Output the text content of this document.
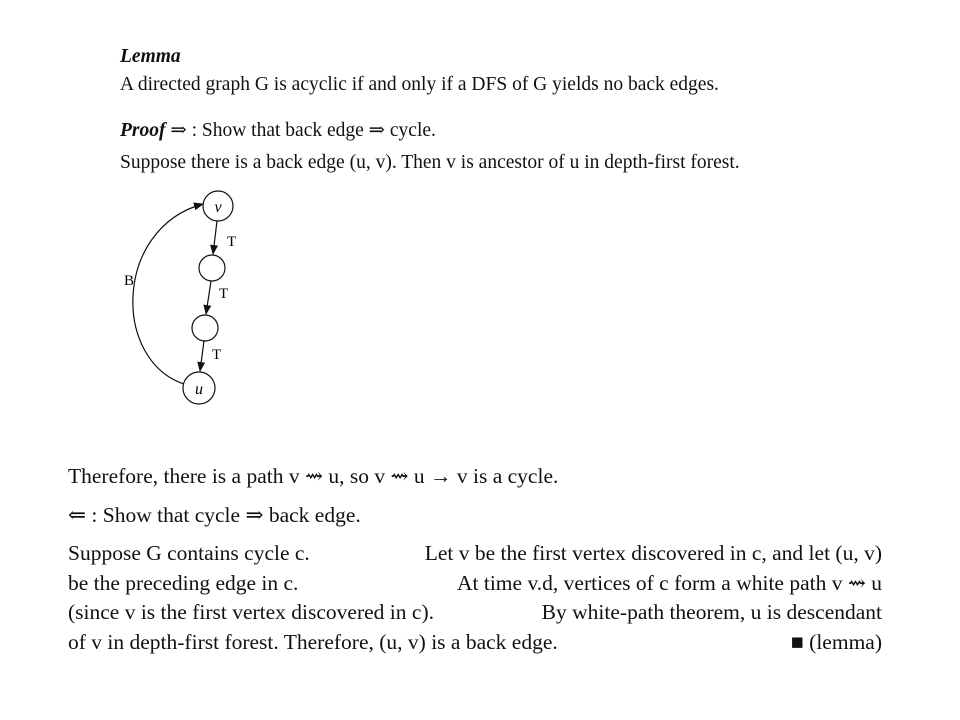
Lemma
A directed graph G is acyclic if and only if a DFS of G yields no back edges.
Proof ⇒ : Show that back edge ⇒ cycle.
Suppose there is a back edge (u, v). Then v is ancestor of u in depth-first forest.
v
u
T
T
T
B
Therefore, there is a path v ⇝ u, so v ⇝ u → v is a cycle.
⇐ : Show that cycle ⇒ back edge.
Suppose G contains cycle c.	Let v be the first vertex discovered in c, and let (u, v)
be the preceding edge in c.	At time v.d, vertices of c form a white path v ⇝ u
(since v is the first vertex discovered in c).	By white-path theorem, u is descendant
of v in depth-first forest. Therefore, (u, v) is a back edge.	■ (lemma)
